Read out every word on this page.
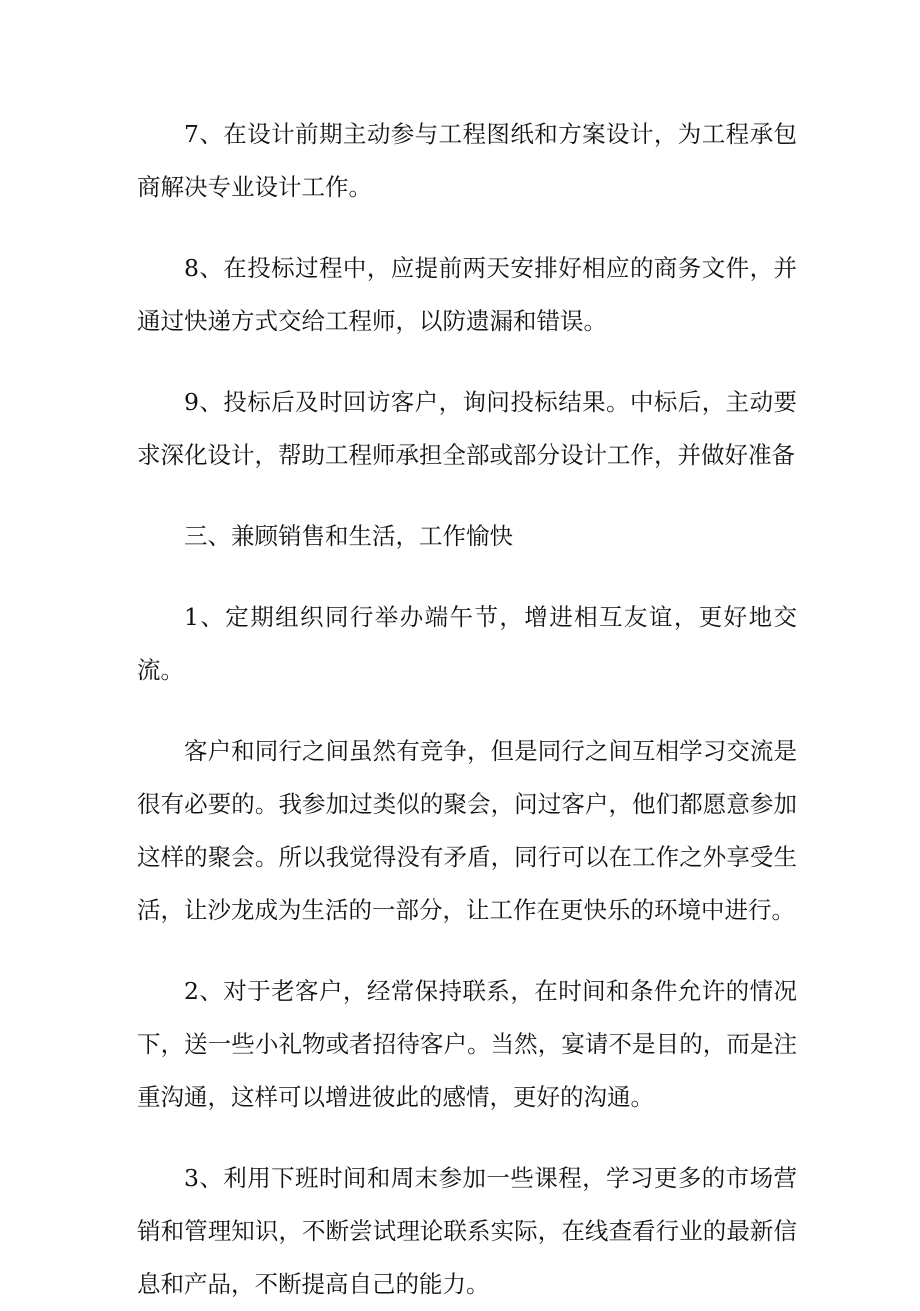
7、在设计前期主动参与工程图纸和方案设计，为工程承包商解决专业设计工作。

8、在投标过程中，应提前两天安排好相应的商务文件，并通过快递方式交给工程师，以防遗漏和错误。

9、投标后及时回访客户，询问投标结果。中标后，主动要求深化设计，帮助工程师承担全部或部分设计工作，并做好准备

三、兼顾销售和生活，工作愉快

1、定期组织同行举办端午节，增进相互友谊，更好地交流。

客户和同行之间虽然有竞争，但是同行之间互相学习交流是很有必要的。我参加过类似的聚会，问过客户，他们都愿意参加这样的聚会。所以我觉得没有矛盾，同行可以在工作之外享受生活，让沙龙成为生活的一部分，让工作在更快乐的环境中进行。

2、对于老客户，经常保持联系，在时间和条件允许的情况下，送一些小礼物或者招待客户。当然，宴请不是目的，而是注重沟通，这样可以增进彼此的感情，更好的沟通。

3、利用下班时间和周末参加一些课程，学习更多的市场营销和管理知识，不断尝试理论联系实际，在线查看行业的最新信息和产品，不断提高自己的能力。
